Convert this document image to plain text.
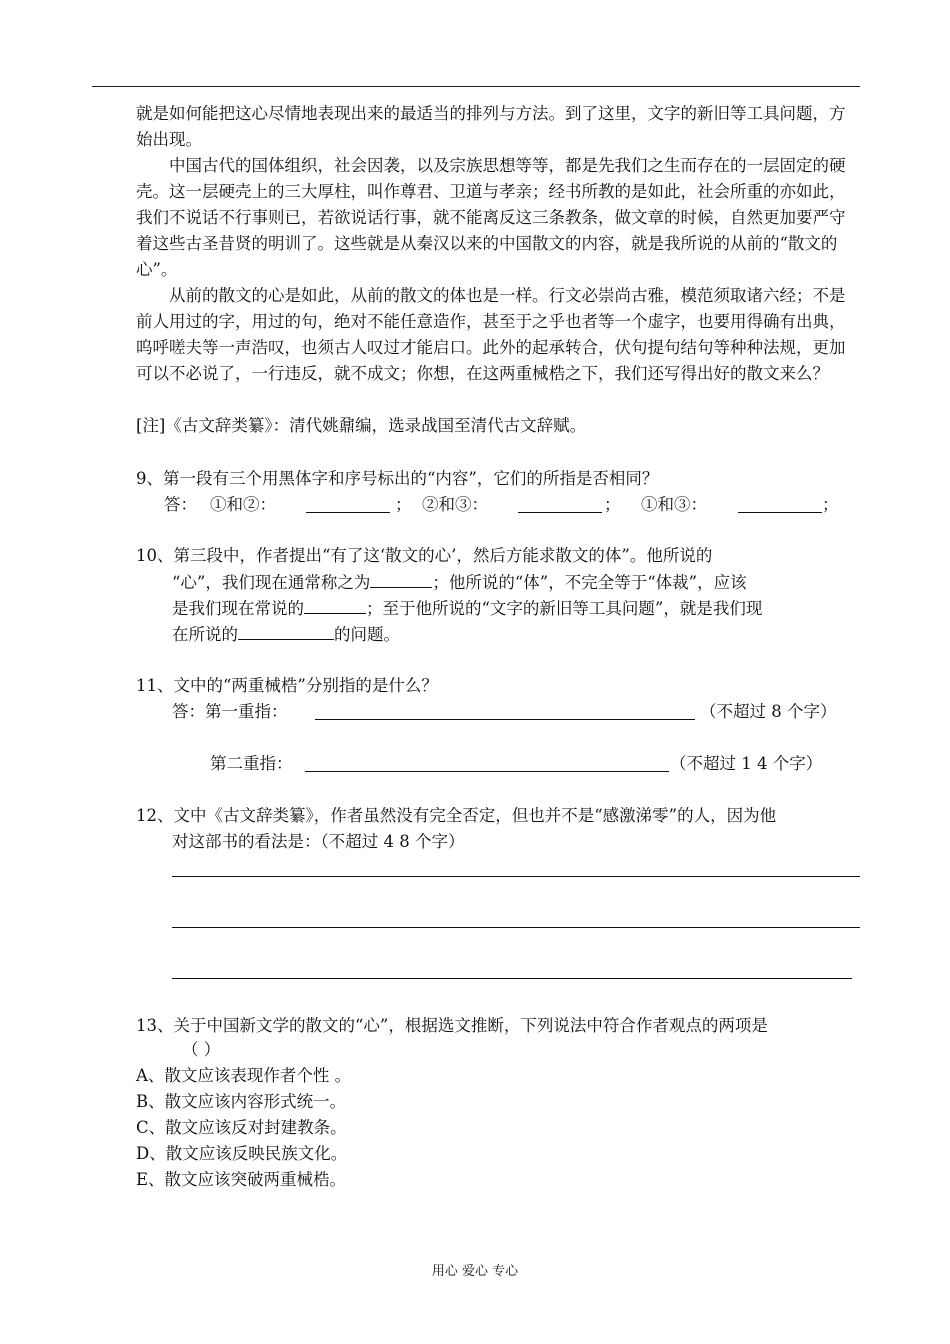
就是如何能把这心尽情地表现出来的最适当的排列与方法。到了这里，文字的新旧等工具问题，方始出现。
中国古代的国体组织，社会因袭，以及宗族思想等等，都是先我们之生而存在的一层固定的硬壳。这一层硬壳上的三大厚柱，叫作尊君、卫道与孝亲；经书所教的是如此，社会所重的亦如此，我们不说话不行事则已，若欲说话行事，就不能离反这三条教条，做文章的时候，自然更加要严守着这些古圣昔贤的明训了。这些就是从秦汉以来的中国散文的内容，就是我所说的从前的“散文的心”。
从前的散文的心是如此，从前的散文的体也是一样。行文必崇尚古雅，模范须取诸六经；不是前人用过的字，用过的句，绝对不能任意造作，甚至于之乎也者等一个虚字，也要用得确有出典，呜呼嗟夫等一声浩叹，也须古人叹过才能启口。此外的起承转合，伏句提句结句等种种法规，更加可以不必说了，一行违反，就不成文；你想，在这两重械梏之下，我们还写得出好的散文来么？
[注]《古文辞类纂》：清代姚鼐编，选录战国至清代古文辞赋。
9、第一段有三个用黑体字和序号标出的“内容”，它们的所指是否相同？
答： ①和②：	； ②和③：	； ①和③：	；
10、第三段中，作者提出“有了这‘散文的心’，然后方能求散文的体”。他所说的
“心”，我们现在通常称之为	；他所说的“体”，不完全等于“体裁”，应该
是我们现在常说的	；至于他所说的“文字的新旧等工具问题”，就是我们现
在所说的	的问题。
11、文中的“两重械梏”分别指的是什么？
答：第一重指：	（不超过 8 个字）
第二重指：	（不超过 1 4 个字）
12、文中《古文辞类纂》，作者虽然没有完全否定，但也并不是“感激涕零”的人，因为他
对这部书的看法是：（不超过 4 8 个字）
13、关于中国新文学的散文的“心”，根据选文推断，下列说法中符合作者观点的两项是
（ ）
A、散文应该表现作者个性 。
B、散文应该内容形式统一。
C、散文应该反对封建教条。
D、散文应该反映民族文化。
E、散文应该突破两重械梏。
用心 爱心 专心
